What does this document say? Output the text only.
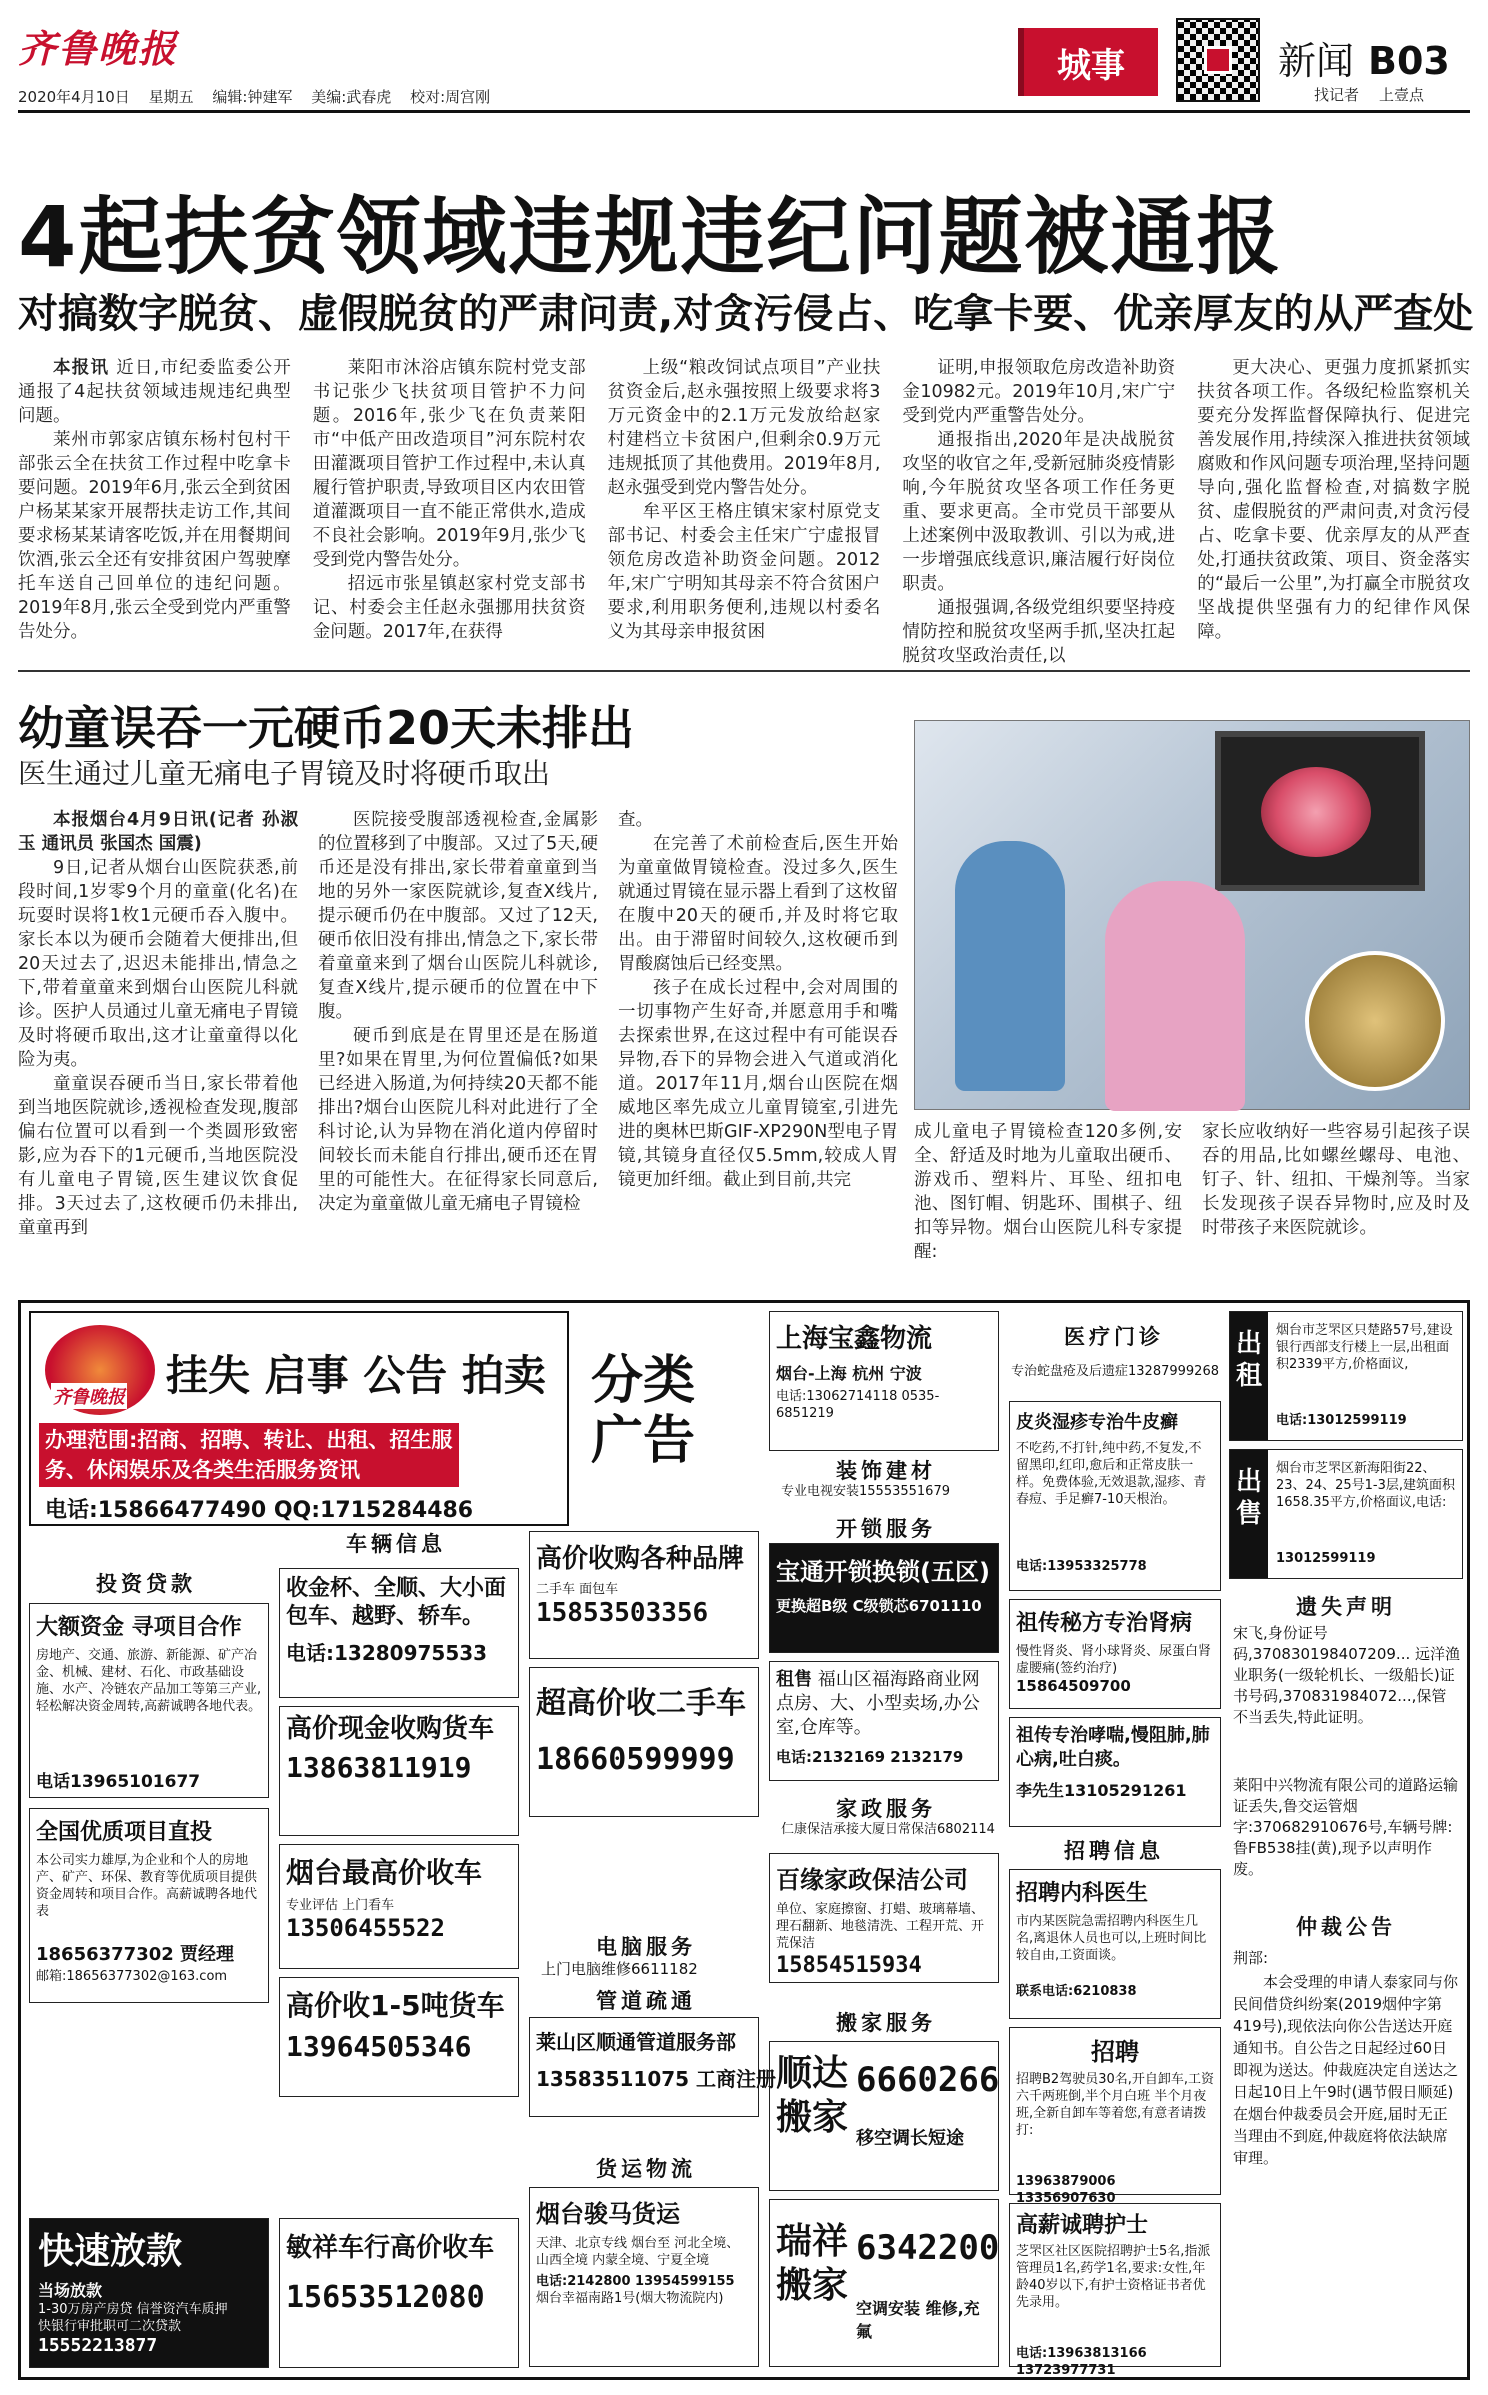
齐鲁晚报
2020年4月10日 星期五 编辑:钟建军 美编:武春虎 校对:周宫刚
城事	新闻 B03
找记者 上壹点
4起扶贫领域违规违纪问题被通报
对搞数字脱贫、虚假脱贫的严肃问责,对贪污侵占、吃拿卡要、优亲厚友的从严查处

本报讯 近日,市纪委监委公开通报了4起扶贫领域违规违纪典型问题。

莱州市郭家店镇东杨村包村干部张云全在扶贫工作过程中吃拿卡要问题。2019年6月,张云全到贫困户杨某某家开展帮扶走访工作,其间要求杨某某请客吃饭,并在用餐期间饮酒,张云全还有安排贫困户驾驶摩托车送自己回单位的违纪问题。2019年8月,张云全受到党内严重警告处分。

莱阳市沐浴店镇东院村党支部书记张少飞扶贫项目管护不力问题。2016年,张少飞在负责莱阳市“中低产田改造项目”河东院村农田灌溉项目管护工作过程中,未认真履行管护职责,导致项目区内农田管道灌溉项目一直不能正常供水,造成不良社会影响。2019年9月,张少飞受到党内警告处分。

招远市张星镇赵家村党支部书记、村委会主任赵永强挪用扶贫资金问题。2017年,在获得

上级“粮改饲试点项目”产业扶贫资金后,赵永强按照上级要求将3万元资金中的2.1万元发放给赵家村建档立卡贫困户,但剩余0.9万元违规抵顶了其他费用。2019年8月,赵永强受到党内警告处分。

牟平区王格庄镇宋家村原党支部书记、村委会主任宋广宁虚报冒领危房改造补助资金问题。2012年,宋广宁明知其母亲不符合贫困户要求,利用职务便利,违规以村委名义为其母亲申报贫困

证明,申报领取危房改造补助资金10982元。2019年10月,宋广宁受到党内严重警告处分。

通报指出,2020年是决战脱贫攻坚的收官之年,受新冠肺炎疫情影响,今年脱贫攻坚各项工作任务更重、要求更高。全市党员干部要从上述案例中汲取教训、引以为戒,进一步增强底线意识,廉洁履行好岗位职责。

通报强调,各级党组织要坚持疫情防控和脱贫攻坚两手抓,坚决扛起脱贫攻坚政治责任,以

更大决心、更强力度抓紧抓实扶贫各项工作。各级纪检监察机关要充分发挥监督保障执行、促进完善发展作用,持续深入推进扶贫领域腐败和作风问题专项治理,坚持问题导向,强化监督检查,对搞数字脱贫、虚假脱贫的严肃问责,对贪污侵占、吃拿卡要、优亲厚友的从严查处,打通扶贫政策、项目、资金落实的“最后一公里”,为打赢全市脱贫攻坚战提供坚强有力的纪律作风保障。

幼童误吞一元硬币20天未排出
医生通过儿童无痛电子胃镜及时将硬币取出

本报烟台4月9日讯(记者 孙淑玉 通讯员 张国杰 国震)

9日,记者从烟台山医院获悉,前段时间,1岁零9个月的童童(化名)在玩耍时误将1枚1元硬币吞入腹中。家长本以为硬币会随着大便排出,但20天过去了,迟迟未能排出,情急之下,带着童童来到烟台山医院儿科就诊。医护人员通过儿童无痛电子胃镜及时将硬币取出,这才让童童得以化险为夷。

童童误吞硬币当日,家长带着他到当地医院就诊,透视检查发现,腹部偏右位置可以看到一个类圆形致密影,应为吞下的1元硬币,当地医院没有儿童电子胃镜,医生建议饮食促排。3天过去了,这枚硬币仍未排出,童童再到

医院接受腹部透视检查,金属影的位置移到了中腹部。又过了5天,硬币还是没有排出,家长带着童童到当地的另外一家医院就诊,复查X线片,提示硬币仍在中腹部。又过了12天,硬币依旧没有排出,情急之下,家长带着童童来到了烟台山医院儿科就诊,复查X线片,提示硬币的位置在中下腹。

硬币到底是在胃里还是在肠道里?如果在胃里,为何位置偏低?如果已经进入肠道,为何持续20天都不能排出?烟台山医院儿科对此进行了全科讨论,认为异物在消化道内停留时间较长而未能自行排出,硬币还在胃里的可能性大。在征得家长同意后,决定为童童做儿童无痛电子胃镜检

查。

在完善了术前检查后,医生开始为童童做胃镜检查。没过多久,医生就通过胃镜在显示器上看到了这枚留在腹中20天的硬币,并及时将它取出。由于滞留时间较久,这枚硬币到胃酸腐蚀后已经变黑。

孩子在成长过程中,会对周围的一切事物产生好奇,并愿意用手和嘴去探索世界,在这过程中有可能误吞异物,吞下的异物会进入气道或消化道。2017年11月,烟台山医院在烟威地区率先成立儿童胃镜室,引进先进的奥林巴斯GIF-XP290N型电子胃镜,其镜身直径仅5.5mm,较成人胃镜更加纤细。截止到目前,共完

成儿童电子胃镜检查120多例,安全、舒适及时地为儿童取出硬币、游戏币、塑料片、耳坠、纽扣电池、图钉帽、钥匙环、围棋子、纽扣等异物。烟台山医院儿科专家提醒:
家长应收纳好一些容易引起孩子误吞的用品,比如螺丝螺母、电池、钉子、针、纽扣、干燥剂等。当家长发现孩子误吞异物时,应及时及时带孩子来医院就诊。
齐鲁晚报 挂失 启事 公告 拍卖
办理范围:招商、招聘、转让、出租、招生服务、休闲娱乐及各类生活服务资讯
电话:15866477490 QQ:1715284486
分类广告
投资贷款
大额资金 寻项目合作
房地产、交通、旅游、新能源、矿产冶金、机械、建材、石化、市政基础设施、水产、冷链农产品加工等第三产业,轻松解决资金周转,高薪诚聘各地代表。
电话13965101677
全国优质项目直投
本公司实力雄厚,为企业和个人的房地产、矿产、环保、教育等优质项目提供资金周转和项目合作。高薪诚聘各地代表
18656377302 贾经理
邮箱:18656377302@163.com
快速放款
当场放款
1-30万房产房贷 信誉资汽车质押
快银行审批职可二次贷款
15552213877
车辆信息
收金杯、全顺、大小面包车、越野、轿车。
电话:13280975533
高价现金收购货车
13863811919
烟台最高价收车
专业评估 上门看车
13506455522
高价收1-5吨货车
13964505346
敏祥车行高价收车
15653512080
高价收购各种品牌
二手车 面包车
15853503356
超高价收二手车
18660599999
电脑服务
上门电脑维修6611182
管道疏通
莱山区顺通管道服务部
13583511075 工商注册
货运物流
烟台骏马货运
天津、北京专线 烟台至 河北全境、山西全境 内蒙全境、宁夏全境
电话:2142800 13954599155
烟台幸福南路1号(烟大物流院内)
上海宝鑫物流
烟台-上海 杭州 宁波
电话:13062714118 0535-6851219
装饰建材
专业电视安装15553551679
开锁服务
宝通开锁换锁(五区)
更换超B级 C级锁芯6701110
租售 福山区福海路商业网点房、大、小型卖场,办公室,仓库等。
电话:2132169 2132179
家政服务
仁康保洁承接大厦日常保洁6802114
百缘家政保洁公司
单位、家庭擦窗、打蜡、玻璃幕墙、理石翻新、地毯清洗、工程开荒、开荒保洁
15854515934
搬家服务
顺达搬家
6660266
移空调长短途
瑞祥搬家
6342200
空调安装 维修,充氟
医疗门诊
专治蛇盘疮及后遗症13287999268
皮炎湿疹专治牛皮癣
不吃药,不打针,纯中药,不复发,不留黑印,红印,愈后和正常皮肤一样。免费体验,无效退款,湿疹、青春痘、手足癣7-10天根治。
电话:13953325778
祖传秘方专治肾病
慢性肾炎、肾小球肾炎、尿蛋白肾虚腰痛(签约治疗)
15864509700
祖传专治哮喘,慢阻肺,肺心病,吐白痰。
李先生13105291261
招聘信息
招聘内科医生
市内某医院急需招聘内科医生几名,离退休人员也可以,上班时间比较自由,工资面谈。
联系电话:6210838
招聘
招聘B2驾驶员30名,开自卸车,工资六千两班倒,半个月白班 半个月夜班,全新自卸车等着您,有意者请拨打:
13963879006 13356907630
高薪诚聘护士
芝罘区社区医院招聘护士5名,指派管理员1名,药学1名,要求:女性,年龄40岁以下,有护士资格证书者优先录用。
电话:13963813166 13723977731
出租
烟台市芝罘区只楚路57号,建设银行西部支行楼上一层,出租面积2339平方,价格面议,
电话:13012599119
出售
烟台市芝罘区新海阳街22、23、24、25号1-3层,建筑面积1658.35平方,价格面议,电话:
13012599119
遗失声明
宋飞,身份证号码,370830198407209... 远洋渔业职务(一级轮机长、一级船长)证书号码,370831984072...,保管不当丢失,特此证明。
莱阳中兴物流有限公司的道路运输证丢失,鲁交运管烟字:370682910676号,车辆号牌:鲁FB538挂(黄),现予以声明作废。
仲裁公告
荆部:
本会受理的申请人泰家同与你民间借贷纠纷案(2019烟仲字第419号),现依法向你公告送达开庭通知书。自公告之日起经过60日即视为送达。仲裁庭决定自送达之日起10日上午9时(遇节假日顺延)在烟台仲裁委员会开庭,届时无正当理由不到庭,仲裁庭将依法缺席审理。
